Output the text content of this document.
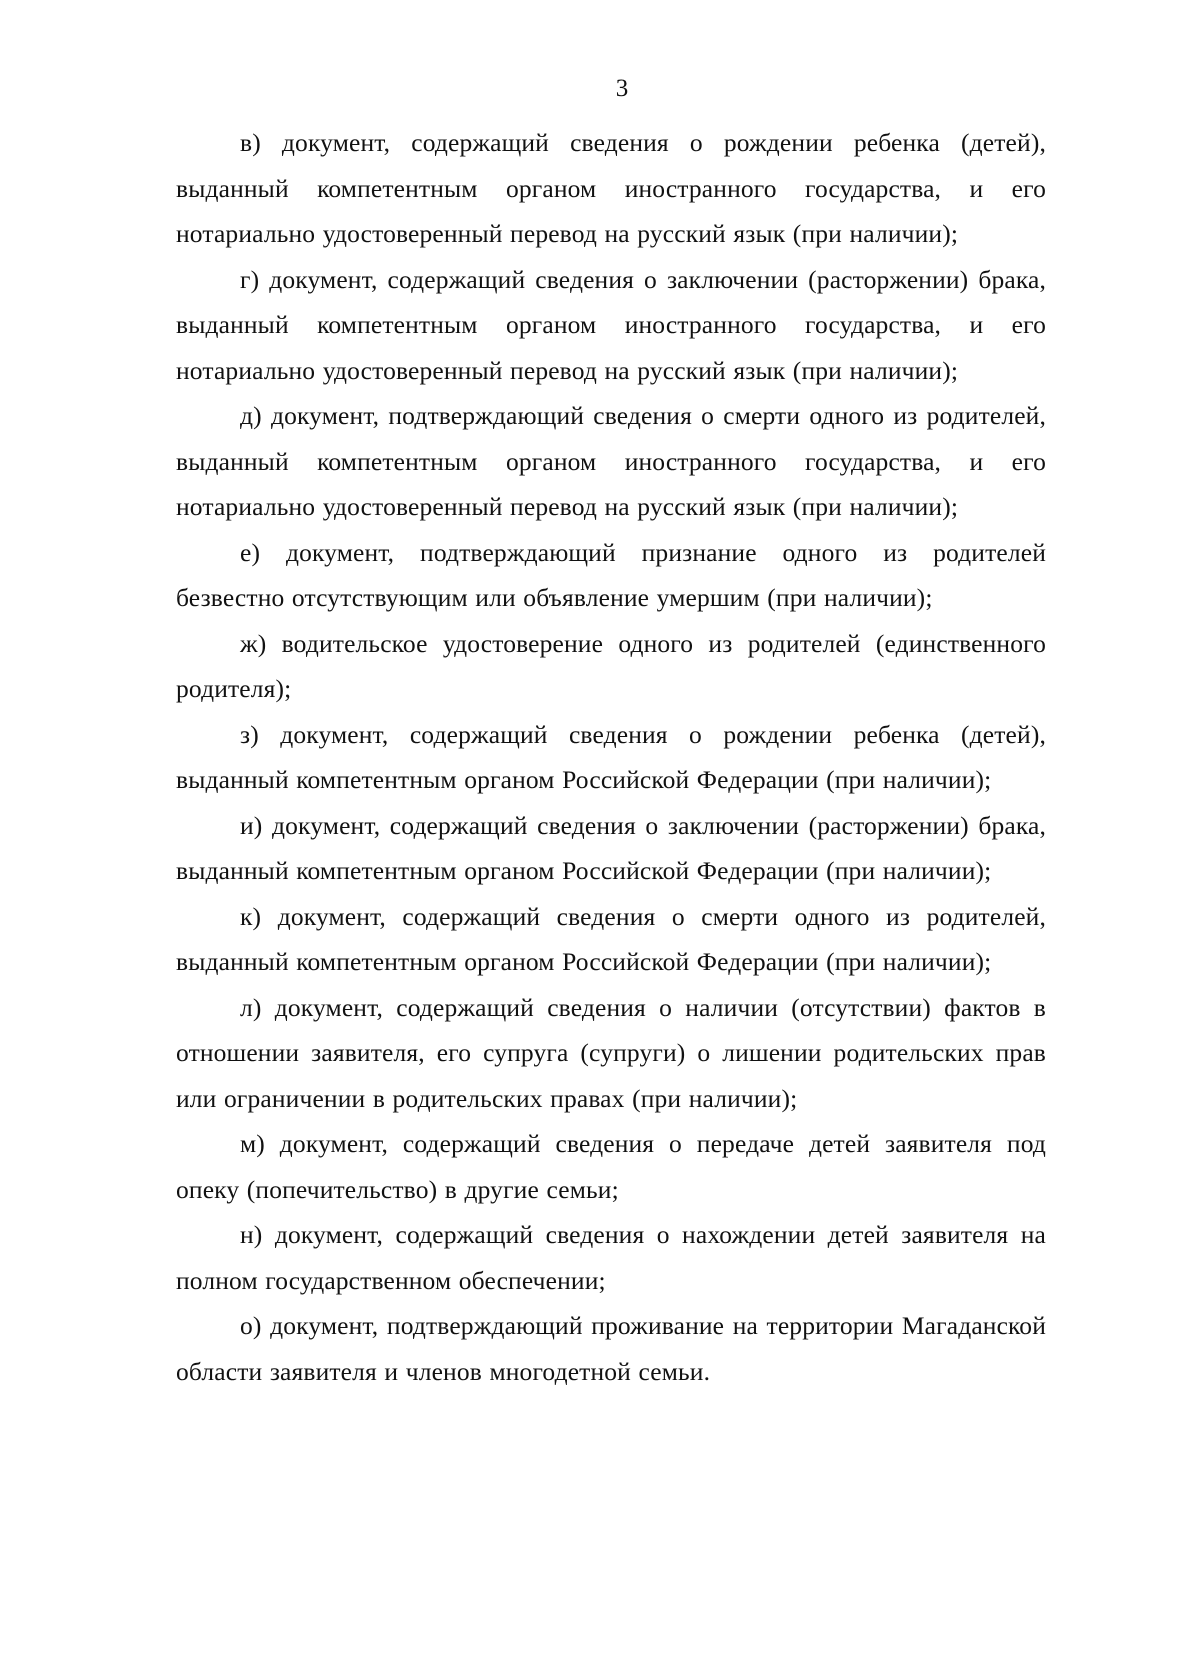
3

в) документ, содержащий сведения о рождении ребенка (детей), выданный компетентным органом иностранного государства, и его нотариально удостоверенный перевод на русский язык (при наличии);

г) документ, содержащий сведения о заключении (расторжении) брака, выданный компетентным органом иностранного государства, и его нотариально удостоверенный перевод на русский язык (при наличии);

д) документ, подтверждающий сведения о смерти одного из родителей, выданный компетентным органом иностранного государства, и его нотариально удостоверенный перевод на русский язык (при наличии);

е) документ, подтверждающий признание одного из родителей безвестно отсутствующим или объявление умершим (при наличии);

ж) водительское удостоверение одного из родителей (единственного родителя);

з) документ, содержащий сведения о рождении ребенка (детей), выданный компетентным органом Российской Федерации (при наличии);

и) документ, содержащий сведения о заключении (расторжении) брака, выданный компетентным органом Российской Федерации (при наличии);

к) документ, содержащий сведения о смерти одного из родителей, выданный компетентным органом Российской Федерации (при наличии);

л) документ, содержащий сведения о наличии (отсутствии) фактов в отношении заявителя, его супруга (супруги) о лишении родительских прав или ограничении в родительских правах (при наличии);

м) документ, содержащий сведения о передаче детей заявителя под опеку (попечительство) в другие семьи;

н) документ, содержащий сведения о нахождении детей заявителя на полном государственном обеспечении;

о) документ, подтверждающий проживание на территории Магаданской области заявителя и членов многодетной семьи.
